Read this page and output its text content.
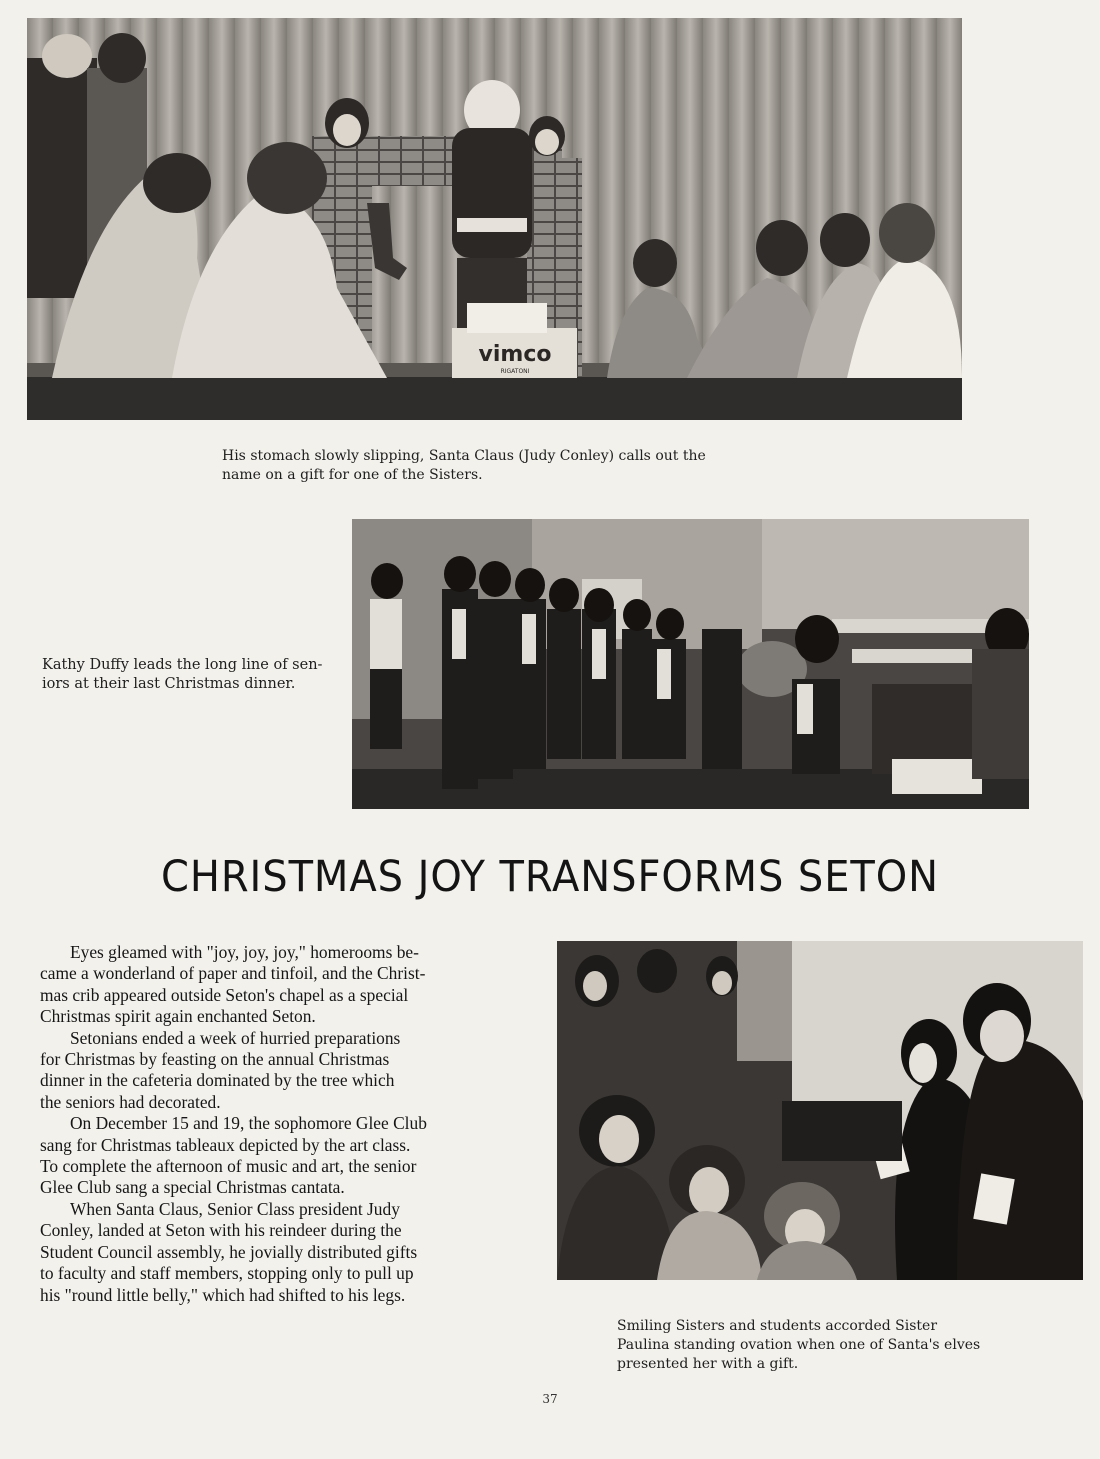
vimco
RIGATONI
His stomach slowly slipping, Santa Claus (Judy Conley) calls out the
name on a gift for one of the Sisters.
Kathy Duffy leads the long line of sen-
iors at their last Christmas dinner.
CHRISTMAS JOY TRANSFORMS SETON

Eyes gleamed with "joy, joy, joy," homerooms be-
came a wonderland of paper and tinfoil, and the Christ-
mas crib appeared outside Seton's chapel as a special
Christmas spirit again enchanted Seton.

Setonians ended a week of hurried preparations
for Christmas by feasting on the annual Christmas
dinner in the cafeteria dominated by the tree which
the seniors had decorated.

On December 15 and 19, the sophomore Glee Club
sang for Christmas tableaux depicted by the art class.
To complete the afternoon of music and art, the senior
Glee Club sang a special Christmas cantata.

When Santa Claus, Senior Class president Judy
Conley, landed at Seton with his reindeer during the
Student Council assembly, he jovially distributed gifts
to faculty and staff members, stopping only to pull up
his "round little belly," which had shifted to his legs.

Smiling Sisters and students accorded Sister
Paulina standing ovation when one of Santa's elves
presented her with a gift.
37
